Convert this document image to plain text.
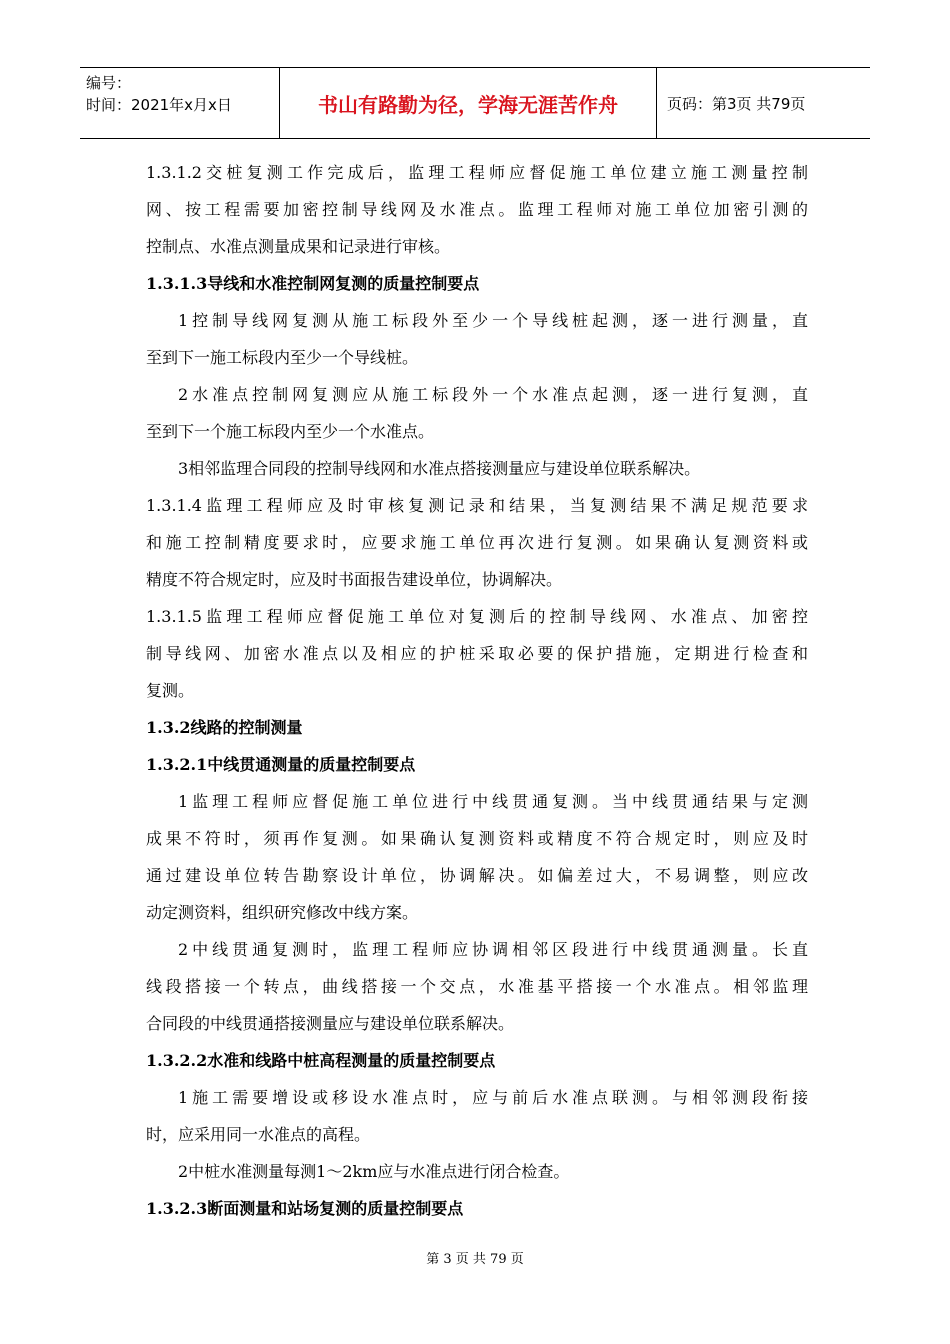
编号：
时间：2021年x月x日	书山有路勤为径，学海无涯苦作舟	页码：第3页 共79页
1.3.1.2交桩复测工作完成后，监理工程师应督促施工单位建立施工测量控制
网、按工程需要加密控制导线网及水准点。监理工程师对施工单位加密引测的
控制点、水准点测量成果和记录进行审核。
1.3.1.3导线和水准控制网复测的质量控制要点
1控制导线网复测从施工标段外至少一个导线桩起测，逐一进行测量，直
至到下一施工标段内至少一个导线桩。
2水准点控制网复测应从施工标段外一个水准点起测，逐一进行复测，直
至到下一个施工标段内至少一个水准点。
3相邻监理合同段的控制导线网和水准点搭接测量应与建设单位联系解决。
1.3.1.4监理工程师应及时审核复测记录和结果，当复测结果不满足规范要求
和施工控制精度要求时，应要求施工单位再次进行复测。如果确认复测资料或
精度不符合规定时，应及时书面报告建设单位，协调解决。
1.3.1.5监理工程师应督促施工单位对复测后的控制导线网、水准点、加密控
制导线网、加密水准点以及相应的护桩采取必要的保护措施，定期进行检查和
复测。
1.3.2线路的控制测量
1.3.2.1中线贯通测量的质量控制要点
1监理工程师应督促施工单位进行中线贯通复测。当中线贯通结果与定测
成果不符时，须再作复测。如果确认复测资料或精度不符合规定时，则应及时
通过建设单位转告勘察设计单位，协调解决。如偏差过大，不易调整，则应改
动定测资料，组织研究修改中线方案。
2中线贯通复测时，监理工程师应协调相邻区段进行中线贯通测量。长直
线段搭接一个转点，曲线搭接一个交点，水准基平搭接一个水准点。相邻监理
合同段的中线贯通搭接测量应与建设单位联系解决。
1.3.2.2水准和线路中桩高程测量的质量控制要点
1施工需要增设或移设水准点时，应与前后水准点联测。与相邻测段衔接
时，应采用同一水准点的高程。
2中桩水准测量每测1～2km应与水准点进行闭合检查。
1.3.2.3断面测量和站场复测的质量控制要点
第 3 页 共 79 页
